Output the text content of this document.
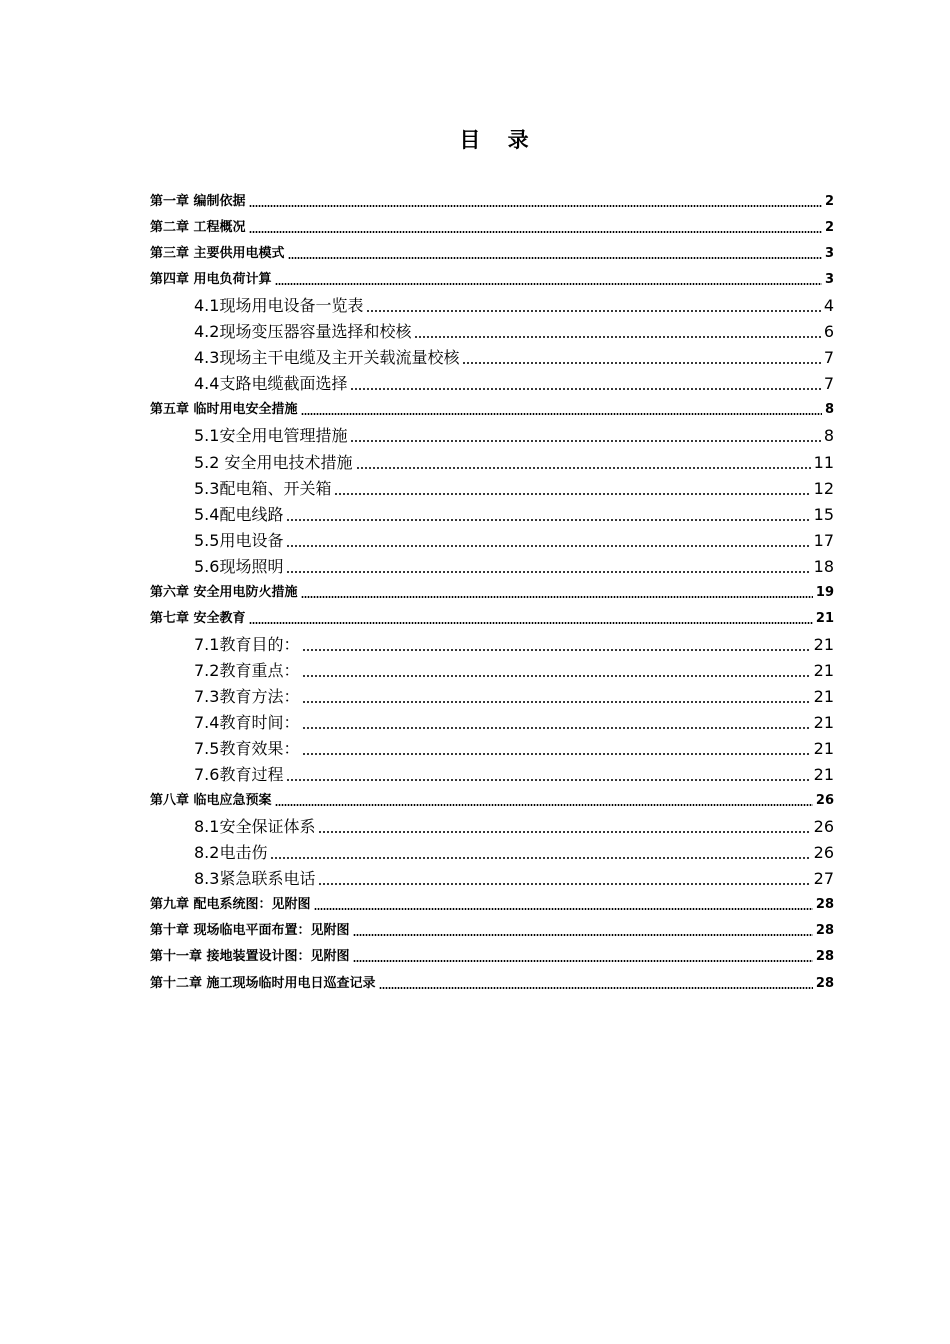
目 录
第一章 编制依据	2
第二章 工程概况	2
第三章 主要供用电模式	3
第四章 用电负荷计算	3
4.1现场用电设备一览表	4
4.2现场变压器容量选择和校核	6
4.3现场主干电缆及主开关载流量校核	7
4.4支路电缆截面选择	7
第五章 临时用电安全措施	8
5.1安全用电管理措施	8
5.2 安全用电技术措施	11
5.3配电箱、开关箱	12
5.4配电线路	15
5.5用电设备	17
5.6现场照明	18
第六章 安全用电防火措施	19
第七章 安全教育	21
7.1教育目的：	21
7.2教育重点：	21
7.3教育方法：	21
7.4教育时间：	21
7.5教育效果：	21
7.6教育过程	21
第八章 临电应急预案	26
8.1安全保证体系	26
8.2电击伤	26
8.3紧急联系电话	27
第九章 配电系统图：见附图	28
第十章 现场临电平面布置：见附图	28
第十一章 接地装置设计图：见附图	28
第十二章 施工现场临时用电日巡查记录	28
